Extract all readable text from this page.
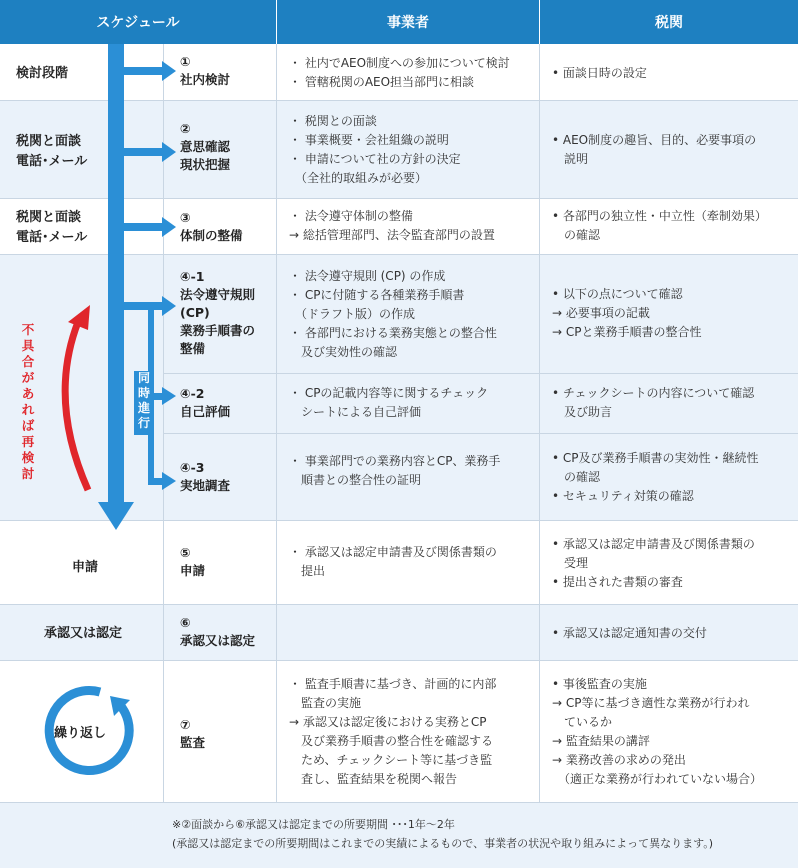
スケジュール	事業者	税関
不
具
合
が
あ
れ
ば
再
検
討
同
時
進
行
繰り返し
検討段階
税関と面談
電話･メール
税関と面談
電話･メール
申請
承認又は認定
①
社内検討
②
意思確認
現状把握
③
体制の整備
④-1
法令遵守規則
(CP)
業務手順書の
整備
④-2
自己評価
④-3
実地調査
⑤
申請
⑥
承認又は認定
⑦
監査
・ 社内でAEO制度への参加について検討
・ 管轄税関のAEO担当部門に相談
・ 税関との面談
・ 事業概要・会社組織の説明
・ 申請について社の方針の決定
　（全社的取組みが必要）
・ 法令遵守体制の整備
→ 総括管理部門、法令監査部門の設置
・ 法令遵守規則 (CP) の作成
・ CPに付随する各種業務手順書
　（ドラフト版）の作成
・ 各部門における業務実態との整合性
　及び実効性の確認
・ CPの記載内容等に関するチェック
　シートによる自己評価
・ 事業部門での業務内容とCP、業務手
　順書との整合性の証明
・ 承認又は認定申請書及び関係書類の
　提出
・ 監査手順書に基づき、計画的に内部
　監査の実施
→ 承認又は認定後における実務とCP
　及び業務手順書の整合性を確認する
　ため、チェックシート等に基づき監
　査し、監査結果を税関へ報告
• 面談日時の設定
• AEO制度の趣旨、目的、必要事項の
　説明
• 各部門の独立性・中立性（牽制効果）
　の確認
• 以下の点について確認
→ 必要事項の記載
→ CPと業務手順書の整合性
• チェックシートの内容について確認
　及び助言
• CP及び業務手順書の実効性・継続性
　の確認
• セキュリティ対策の確認
• 承認又は認定申請書及び関係書類の
　受理
• 提出された書類の審査
• 承認又は認定通知書の交付
• 事後監査の実施
→ CP等に基づき適性な業務が行われ
　ているか
→ 監査結果の講評
→ 業務改善の求めの発出
　（適正な業務が行われていない場合）
※②面談から⑥承認又は認定までの所要期間 ･･･1年～2年
(承認又は認定までの所要期間はこれまでの実績によるもので、事業者の状況や取り組みによって異なります。)
